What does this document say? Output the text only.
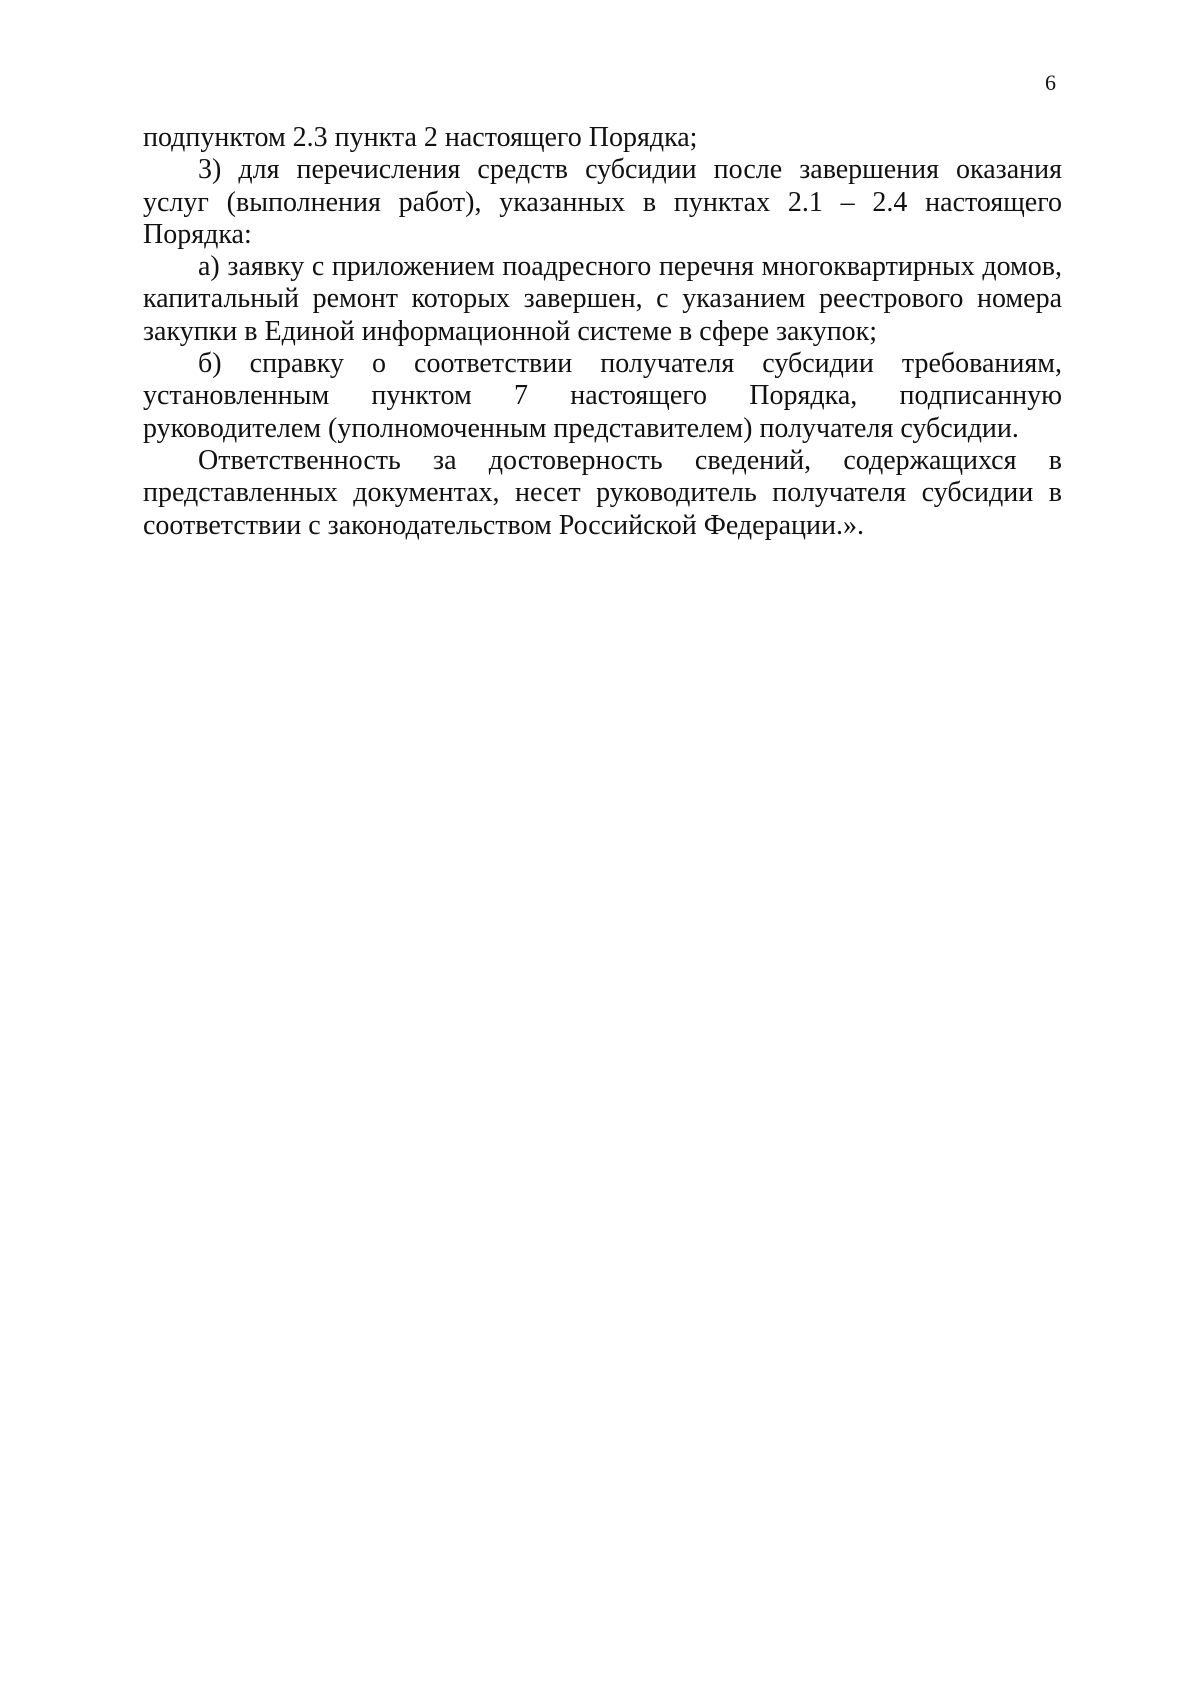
6

подпунктом 2.3 пункта 2 настоящего Порядка;

3) для перечисления средств субсидии после завершения оказания услуг (выполнения работ), указанных в пунктах 2.1 – 2.4 настоящего Порядка:

а) заявку с приложением поадресного перечня многоквартирных домов, капитальный ремонт которых завершен, с указанием реестрового номера закупки в Единой информационной системе в сфере закупок;

б) справку о соответствии получателя субсидии требованиям, установленным пунктом 7 настоящего Порядка, подписанную руководителем (уполномоченным представителем) получателя субсидии.

Ответственность за достоверность сведений, содержащихся в представленных документах, несет руководитель получателя субсидии в соответствии с законодательством Российской Федерации.».
